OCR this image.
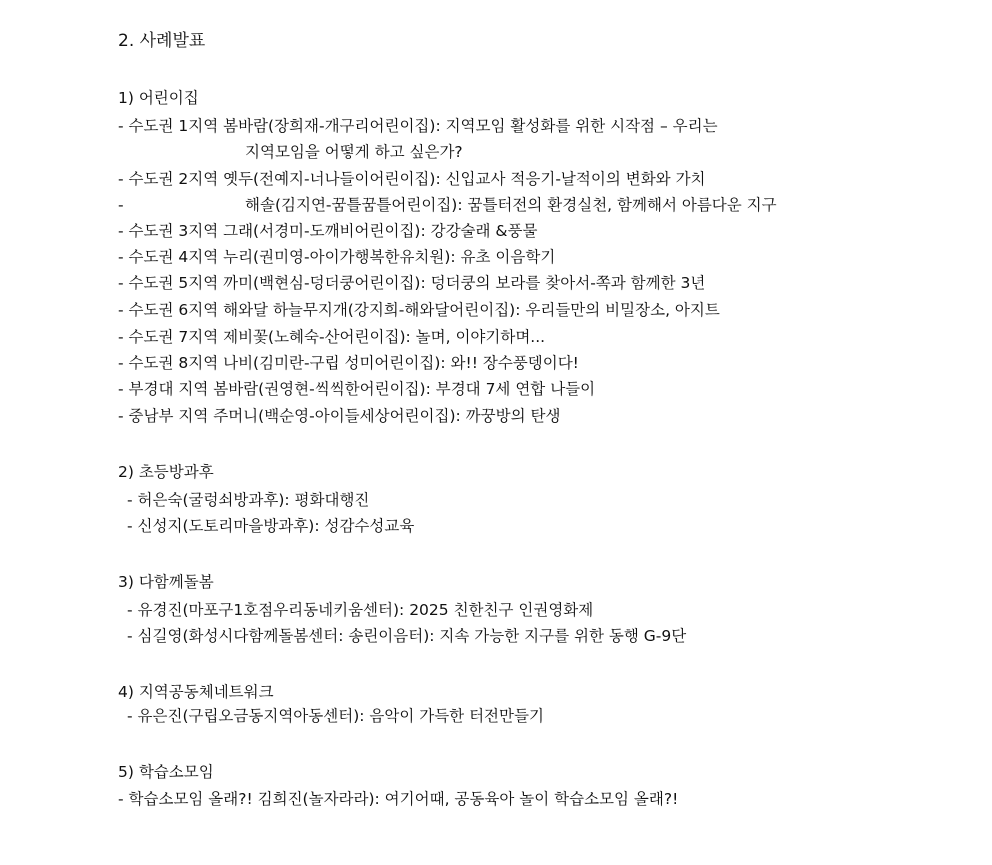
2. 사례발표
1) 어린이집
- 수도권 1지역 봄바람(장희재-개구리어린이집): 지역모임 활성화를 위한 시작점 – 우리는
지역모임을 어떻게 하고 싶은가?
- 수도권 2지역 옛두(전예지-너나들이어린이집): 신입교사 적응기-날적이의 변화와 가치
-	해솔(김지연-꿈틀꿈틀어린이집): 꿈틀터전의 환경실천, 함께해서 아름다운 지구
- 수도권 3지역 그래(서경미-도깨비어린이집): 강강술래 &풍물
- 수도권 4지역 누리(권미영-아이가행복한유치원): 유초 이음학기
- 수도권 5지역 까미(백현심-덩더쿵어린이집): 덩더쿵의 보라를 찾아서-쪽과 함께한 3년
- 수도권 6지역 해와달 하늘무지개(강지희-해와달어린이집): 우리들만의 비밀장소, 아지트
- 수도권 7지역 제비꽃(노혜숙-산어린이집): 놀며, 이야기하며...
- 수도권 8지역 나비(김미란-구립 성미어린이집): 와!! 장수풍뎅이다!
- 부경대 지역 봄바람(권영현-씩씩한어린이집): 부경대 7세 연합 나들이
- 중남부 지역 주머니(백순영-아이들세상어린이집): 까꿍방의 탄생
2) 초등방과후
- 허은숙(굴렁쇠방과후): 평화대행진
- 신성지(도토리마을방과후): 성감수성교육
3) 다함께돌봄
- 유경진(마포구1호점우리동네키움센터): 2025 친한친구 인권영화제
- 심길영(화성시다함께돌봄센터: 송린이음터): 지속 가능한 지구를 위한 동행 G-9단
4) 지역공동체네트워크
- 유은진(구립오금동지역아동센터): 음악이 가득한 터전만들기
5) 학습소모임
- 학습소모임 올래?! 김희진(놀자라라): 여기어때, 공동육아 놀이 학습소모임 올래?!
